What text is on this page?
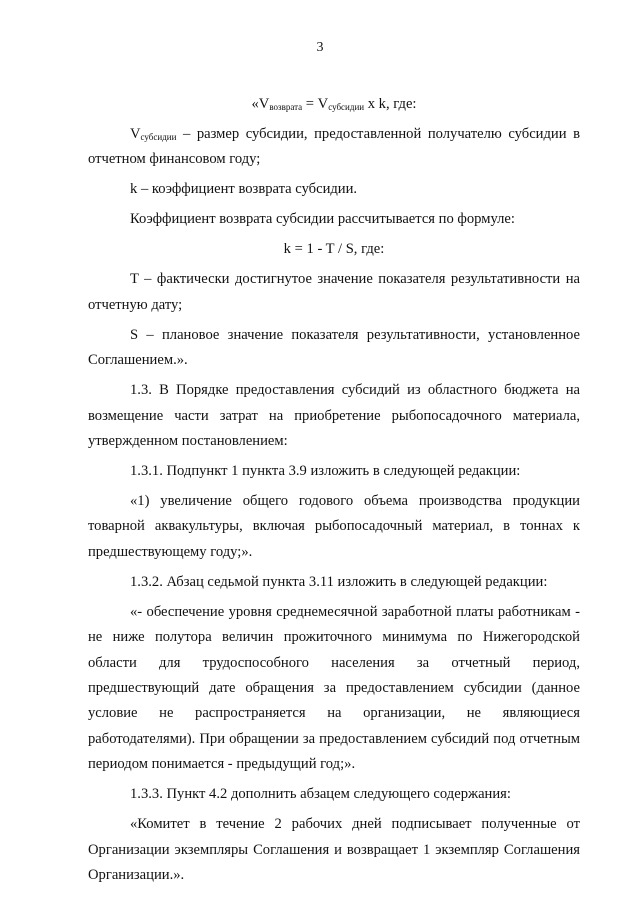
3

«$V_{возврата} = V_{субсидии}$ x k, где:

$V_{субсидии}$ – размер субсидии, предоставленной получателю субсидии в отчетном финансовом году;

k – коэффициент возврата субсидии.

Коэффициент возврата субсидии рассчитывается по формуле:

k = 1 - T / S, где:

T – фактически достигнутое значение показателя результативности на отчетную дату;

S – плановое значение показателя результативности, установленное Соглашением.».

1.3. В Порядке предоставления субсидий из областного бюджета на возмещение части затрат на приобретение рыбопосадочного материала, утвержденном постановлением:

1.3.1. Подпункт 1 пункта 3.9 изложить в следующей редакции:

«1) увеличение общего годового объема производства продукции товарной аквакультуры, включая рыбопосадочный материал, в тоннах к предшествующему году;».

1.3.2. Абзац седьмой пункта 3.11 изложить в следующей редакции:

«- обеспечение уровня среднемесячной заработной платы работникам - не ниже полутора величин прожиточного минимума по Нижегородской области для трудоспособного населения за отчетный период, предшествующий дате обращения за предоставлением субсидии (данное условие не распространяется на организации, не являющиеся работодателями). При обращении за предоставлением субсидий под отчетным периодом понимается - предыдущий год;».

1.3.3. Пункт 4.2 дополнить абзацем следующего содержания:

«Комитет в течение 2 рабочих дней подписывает полученные от Организации экземпляры Соглашения и возвращает 1 экземпляр Соглашения Организации.».
